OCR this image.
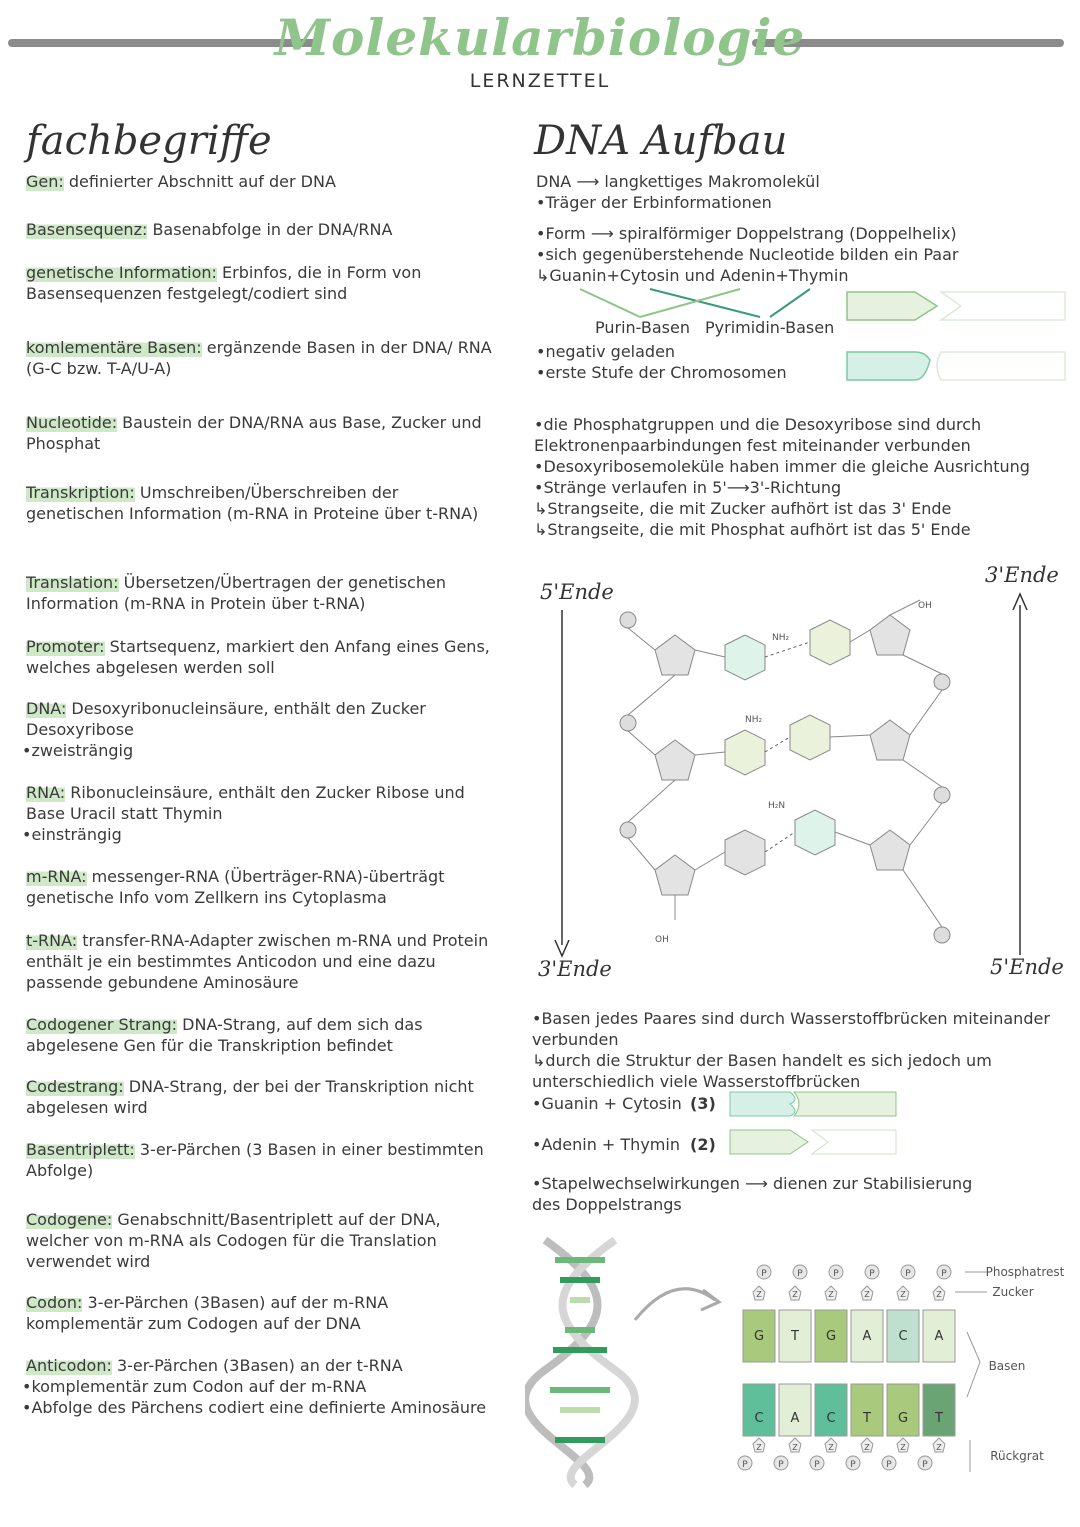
Molekularbiologie
LERNZETTEL
fachbegriffe
Gen: definierter Abschnitt auf der DNA
Basensequenz: Basenabfolge in der DNA/RNA
genetische Information: Erbinfos, die in Form von Basensequenzen festgelegt/codiert sind
komlementäre Basen: ergänzende Basen in der DNA/ RNA (G-C bzw. T-A/U-A)
Nucleotide: Baustein der DNA/RNA aus Base, Zucker und Phosphat
Transkription: Umschreiben/Überschreiben der genetischen Information (m-RNA in Proteine über t-RNA)
Translation: Übersetzen/Übertragen der genetischen Information (m-RNA in Protein über t-RNA)
Promoter: Startsequenz, markiert den Anfang eines Gens, welches abgelesen werden soll
DNA: Desoxyribonucleinsäure, enthält den Zucker Desoxyribose
•zweisträngig
RNA: Ribonucleinsäure, enthält den Zucker Ribose und Base Uracil statt Thymin
•einsträngig
m-RNA: messenger-RNA (Überträger-RNA)-überträgt genetische Info vom Zellkern ins Cytoplasma
t-RNA: transfer-RNA-Adapter zwischen m-RNA und Protein enthält je ein bestimmtes Anticodon und eine dazu passende gebundene Aminosäure
Codogener Strang: DNA-Strang, auf dem sich das abgelesene Gen für die Transkription befindet
Codestrang: DNA-Strang, der bei der Transkription nicht abgelesen wird
Basentriplett: 3-er-Pärchen (3 Basen in einer bestimmten Abfolge)
Codogene: Genabschnitt/Basentriplett auf der DNA, welcher von m-RNA als Codogen für die Translation verwendet wird
Codon: 3-er-Pärchen (3Basen) auf der m-RNA komplementär zum Codogen auf der DNA
Anticodon: 3-er-Pärchen (3Basen) an der t-RNA
•komplementär zum Codon auf der m-RNA
•Abfolge des Pärchens codiert eine definierte Aminosäure
DNA Aufbau
DNA ⟶ langkettiges Makromolekül
•Träger der Erbinformationen
•Form ⟶ spiralförmiger Doppelstrang (Doppelhelix)
•sich gegenüberstehende Nucleotide bilden ein Paar
↳Guanin+Cytosin und Adenin+Thymin
Purin-Basen Pyrimidin-Basen
•negativ geladen
•erste Stufe der Chromosomen
•die Phosphatgruppen und die Desoxyribose sind durch Elektronenpaarbindungen fest miteinander verbunden
•Desoxyribosemoleküle haben immer die gleiche Ausrichtung
•Stränge verlaufen in 5'⟶3'-Richtung
↳Strangseite, die mit Zucker aufhört ist das 3' Ende
↳Strangseite, die mit Phosphat aufhört ist das 5' Ende
5'Ende
3'Ende
3'Ende	5'Ende
NH₂
NH₂
H₂N
OH
OH
•Basen jedes Paares sind durch Wasserstoffbrücken miteinander verbunden
↳durch die Struktur der Basen handelt es sich jedoch um unterschiedlich viele Wasserstoffbrücken
•Guanin + Cytosin (3)
•Adenin + Thymin (2)
•Stapelwechselwirkungen ⟶ dienen zur Stabilisierung des Doppelstrangs
P
Z
G
C
Z
P
P
Z
T
A
Z
P
P
Z
G
C
Z
P
P
Z
A
T
Z
P
P
Z
C
G
Z
P
P
Z
A
T
Z
P
Phosphatrest
Zucker
Basen
Rückgrat
